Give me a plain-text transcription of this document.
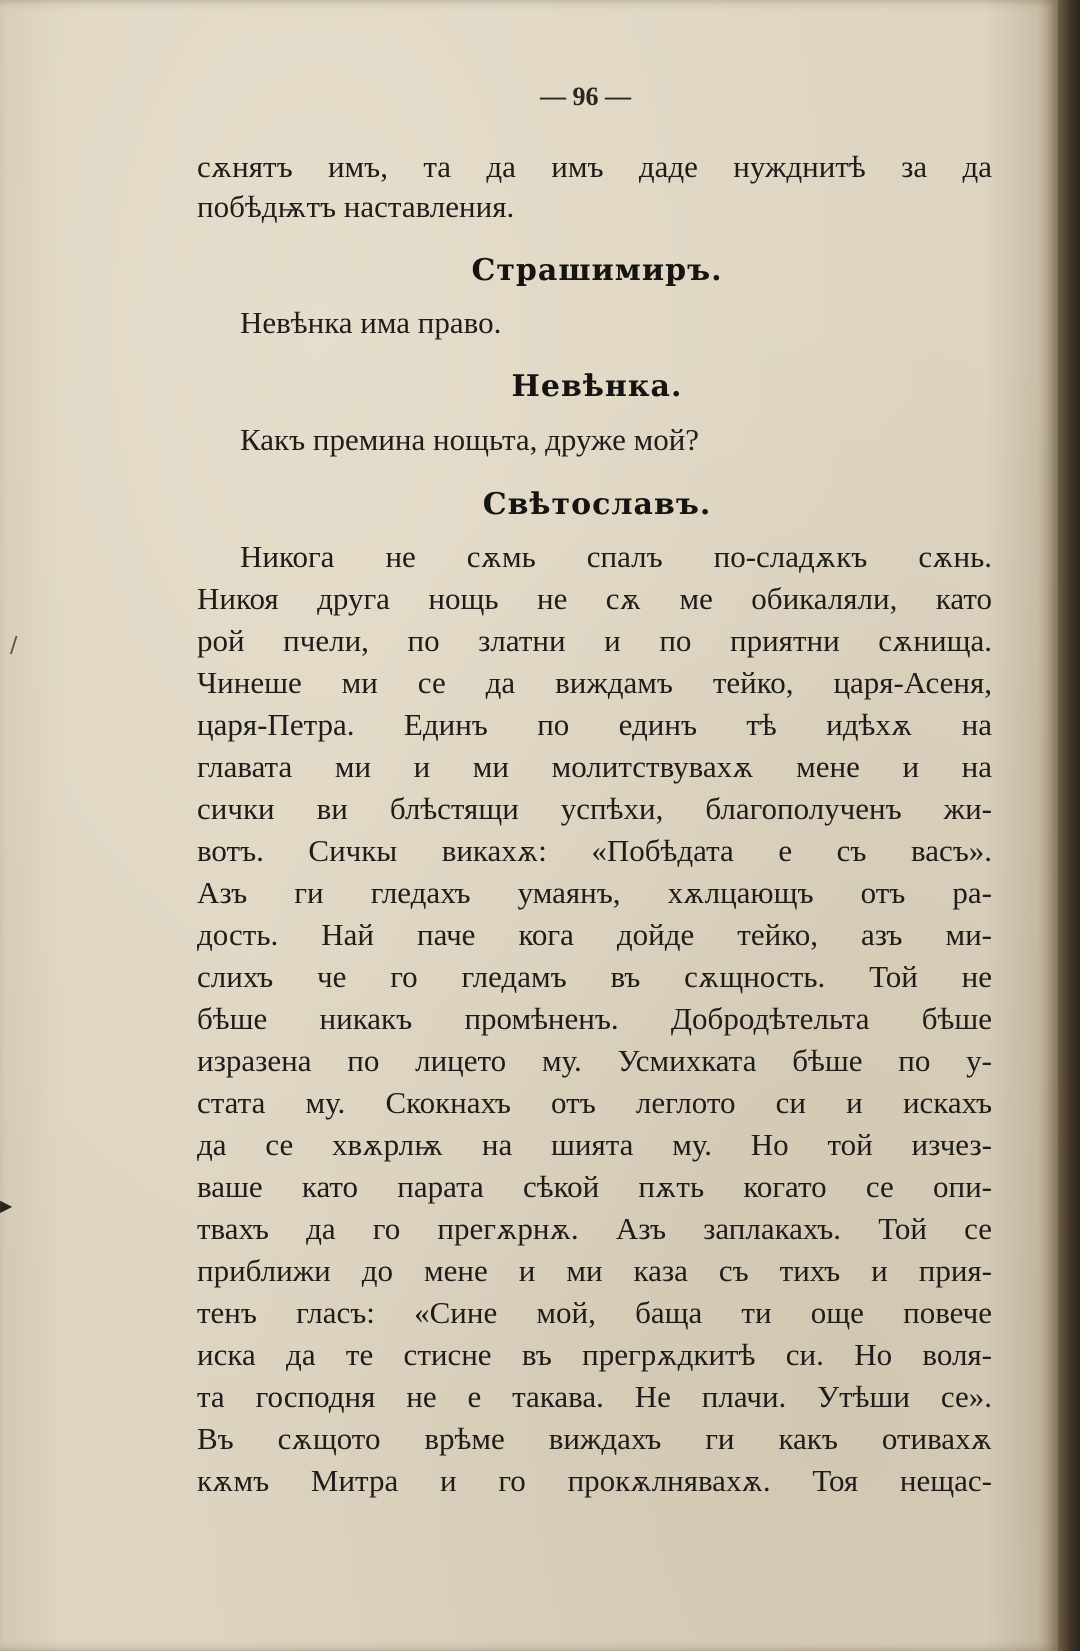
— 96 —
сѫнятъ имъ, та да имъ даде нужднитѣ за да
побѣдѭтъ наставления.
Страшимиръ.
Невѣнка има право.
Невѣнка.
Какъ премина нощьта, друже мой?
Свѣтославъ.
Никога не сѫмь спалъ по-сладѫкъ сѫнь.
Никоя друга нощь не сѫ ме обикаляли, като
рой пчели, по златни и по приятни сѫнища.
Чинеше ми се да виждамъ тейко, царя-Асеня,
царя-Петра. Единъ по единъ тѣ идѣхѫ на
главата ми и ми молитствувахѫ мене и на
сички ви блѣстящи успѣхи, благополученъ жи-
вотъ. Сичкы викахѫ: «Побѣдата е съ васъ».
Азъ ги гледахъ умаянъ, хѫлцающъ отъ ра-
дость. Най паче кога дойде тейко, азъ ми-
слихъ че го гледамъ въ сѫщность. Той не
бѣше никакъ промѣненъ. Добродѣтельта бѣше
изразена по лицето му. Усмихката бѣше по у-
стата му. Скокнахъ отъ леглото си и искахъ
да се хвѫрлѭ на шията му. Но той изчез-
ваше като парата сѣкой пѫть когато се опи-
твахъ да го прегѫрнѫ. Азъ заплакахъ. Той се
приближи до мене и ми каза съ тихъ и прия-
тенъ гласъ: «Сине мой, баща ти още повече
иска да те стисне въ прегрѫдкитѣ си. Но воля-
та господня не е такава. Не плачи. Утѣши се».
Въ сѫщото врѣме виждахъ ги какъ отивахѫ
кѫмъ Митра и го прокѫлнявахѫ. Тоя нещас-
∕
▶
